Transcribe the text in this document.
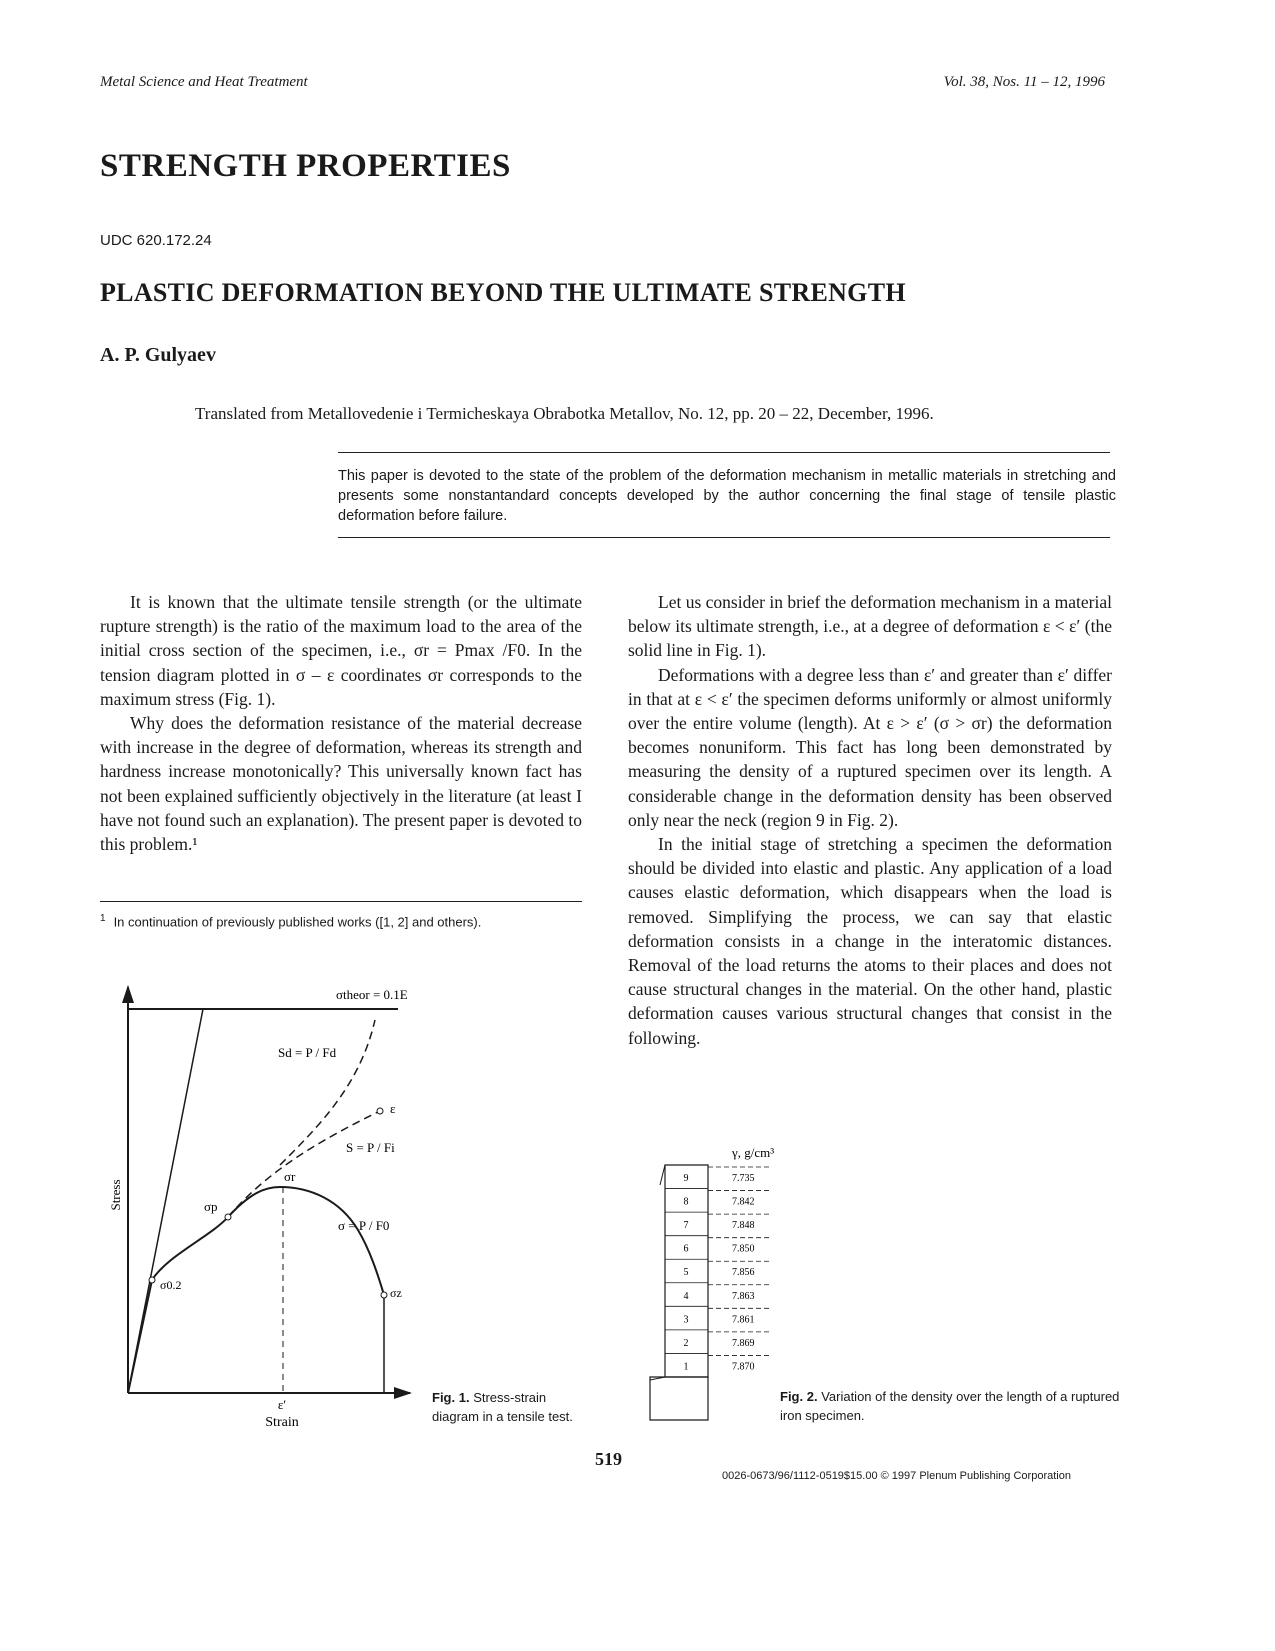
Metal Science and Heat Treatment	Vol. 38, Nos. 11 – 12, 1996
STRENGTH PROPERTIES
UDC 620.172.24
PLASTIC DEFORMATION BEYOND THE ULTIMATE STRENGTH
A. P. Gulyaev
Translated from Metallovedenie i Termicheskaya Obrabotka Metallov, No. 12, pp. 20 – 22, December, 1996.
This paper is devoted to the state of the problem of the deformation mechanism in metallic materials in stretching and presents some nonstantandard concepts developed by the author concerning the final stage of tensile plastic deformation before failure.

It is known that the ultimate tensile strength (or the ultimate rupture strength) is the ratio of the maximum load to the area of the initial cross section of the specimen, i.e., σr = Pmax /F0. In the tension diagram plotted in σ – ε coordinates σr corresponds to the maximum stress (Fig. 1).

Why does the deformation resistance of the material decrease with increase in the degree of deformation, whereas its strength and hardness increase monotonically? This universally known fact has not been explained sufficiently objectively in the literature (at least I have not found such an explanation). The present paper is devoted to this problem.¹

$^1$ In continuation of previously published works ([1, 2] and others).

Let us consider in brief the deformation mechanism in a material below its ultimate strength, i.e., at a degree of deformation ε < ε′ (the solid line in Fig. 1).

Deformations with a degree less than ε′ and greater than ε′ differ in that at ε < ε′ the specimen deforms uniformly or almost uniformly over the entire volume (length). At ε > ε′ (σ > σr) the deformation becomes nonuniform. This fact has long been demonstrated by measuring the density of a ruptured specimen over its length. A considerable change in the deformation density has been observed only near the neck (region 9 in Fig. 2).

In the initial stage of stretching a specimen the deformation should be divided into elastic and plastic. Any application of a load causes elastic deformation, which disappears when the load is removed. Simplifying the process, we can say that elastic deformation consists in a change in the interatomic distances. Removal of the load returns the atoms to their places and does not cause structural changes in the material. On the other hand, plastic deformation causes various structural changes that consist in the following.

σtheor = 0.1E
Sd = P / Fd
ε
S = P / Fi
σ = P / F0
σr
σp
σ0.2
σz
ε′
Strain
Stress
Fig. 1. Stress-strain diagram in a tensile test.
γ, g/cm³
9	7.735
8	7.842
7	7.848
6	7.850
5	7.856
4	7.863
3	7.861
2	7.869
1	7.870
Fig. 2. Variation of the density over the length of a ruptured iron specimen.
519
0026-0673/96/1112-0519$15.00 © 1997 Plenum Publishing Corporation
